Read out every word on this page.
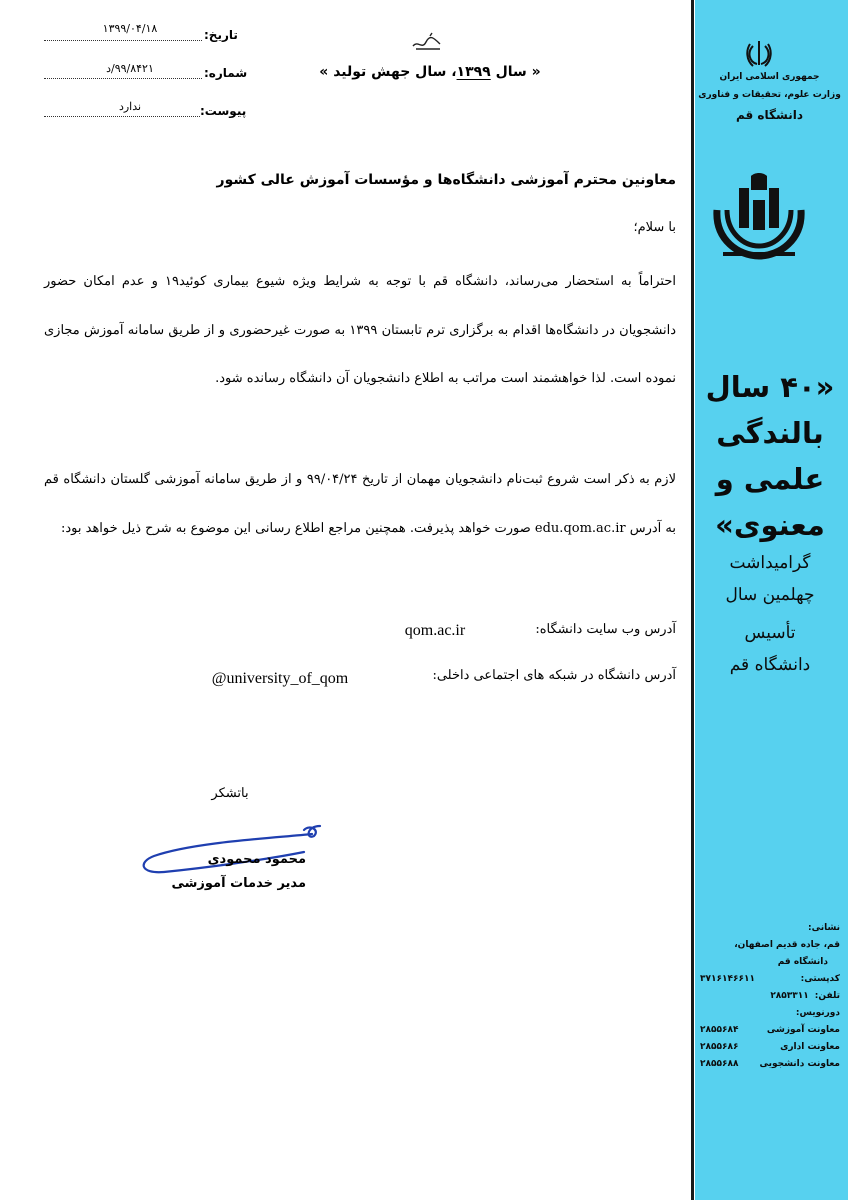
تاریخ:
۱۳۹۹/۰۴/۱۸
شماره:
۹۹/۸۴۲۱/د
پیوست:
ندارد
« سال ۱۳۹۹، سال جهش تولید »
معاونین محترم آموزشی دانشگاه‌ها و مؤسسات آموزش عالی کشور
با سلام؛
احتراماً به استحضار می‌رساند، دانشگاه قم با توجه به شرایط ویژه شیوع بیماری کوئید۱۹ و عدم امکان حضور دانشجویان در دانشگاه‌ها اقدام به برگزاری ترم تابستان ۱۳۹۹ به صورت غیرحضوری و از طریق سامانه آموزش مجازی نموده است. لذا خواهشمند است مراتب به اطلاع دانشجویان آن دانشگاه رسانده شود.
لازم به ذکر است شروع ثبت‌نام دانشجویان مهمان از تاریخ ۹۹/۰۴/۲۴ و از طریق سامانه آموزشی گلستان دانشگاه قم به آدرس edu.qom.ac.ir صورت خواهد پذیرفت. همچنین مراجع اطلاع رسانی این موضوع به شرح ذیل خواهد بود:
آدرس وب سایت دانشگاه:
qom.ac.ir
آدرس دانشگاه در شبکه های اجتماعی داخلی:
@university_of_qom
باتشکر
محمود محمودی
مدیر خدمات آموزشی
جمهوری اسلامی ایران
وزارت علوم، تحقیقات و فناوری
دانشگاه قم
«۴۰ سال
بالندگی
علمی و
معنوی»
گرامیداشت
چهلمین سال
تأسیس
دانشگاه قم
نشانی:
قم، جاده قدیم اصفهان،
دانشگاه قم
کدپستی:
۳۷۱۶۱۴۶۶۱۱
تلفن:
۲۸۵۳۳۱۱
دورنویس:
معاونت آموزشی
۲۸۵۵۶۸۴
معاونت اداری
۲۸۵۵۶۸۶
معاونت دانشجویی
۲۸۵۵۶۸۸
